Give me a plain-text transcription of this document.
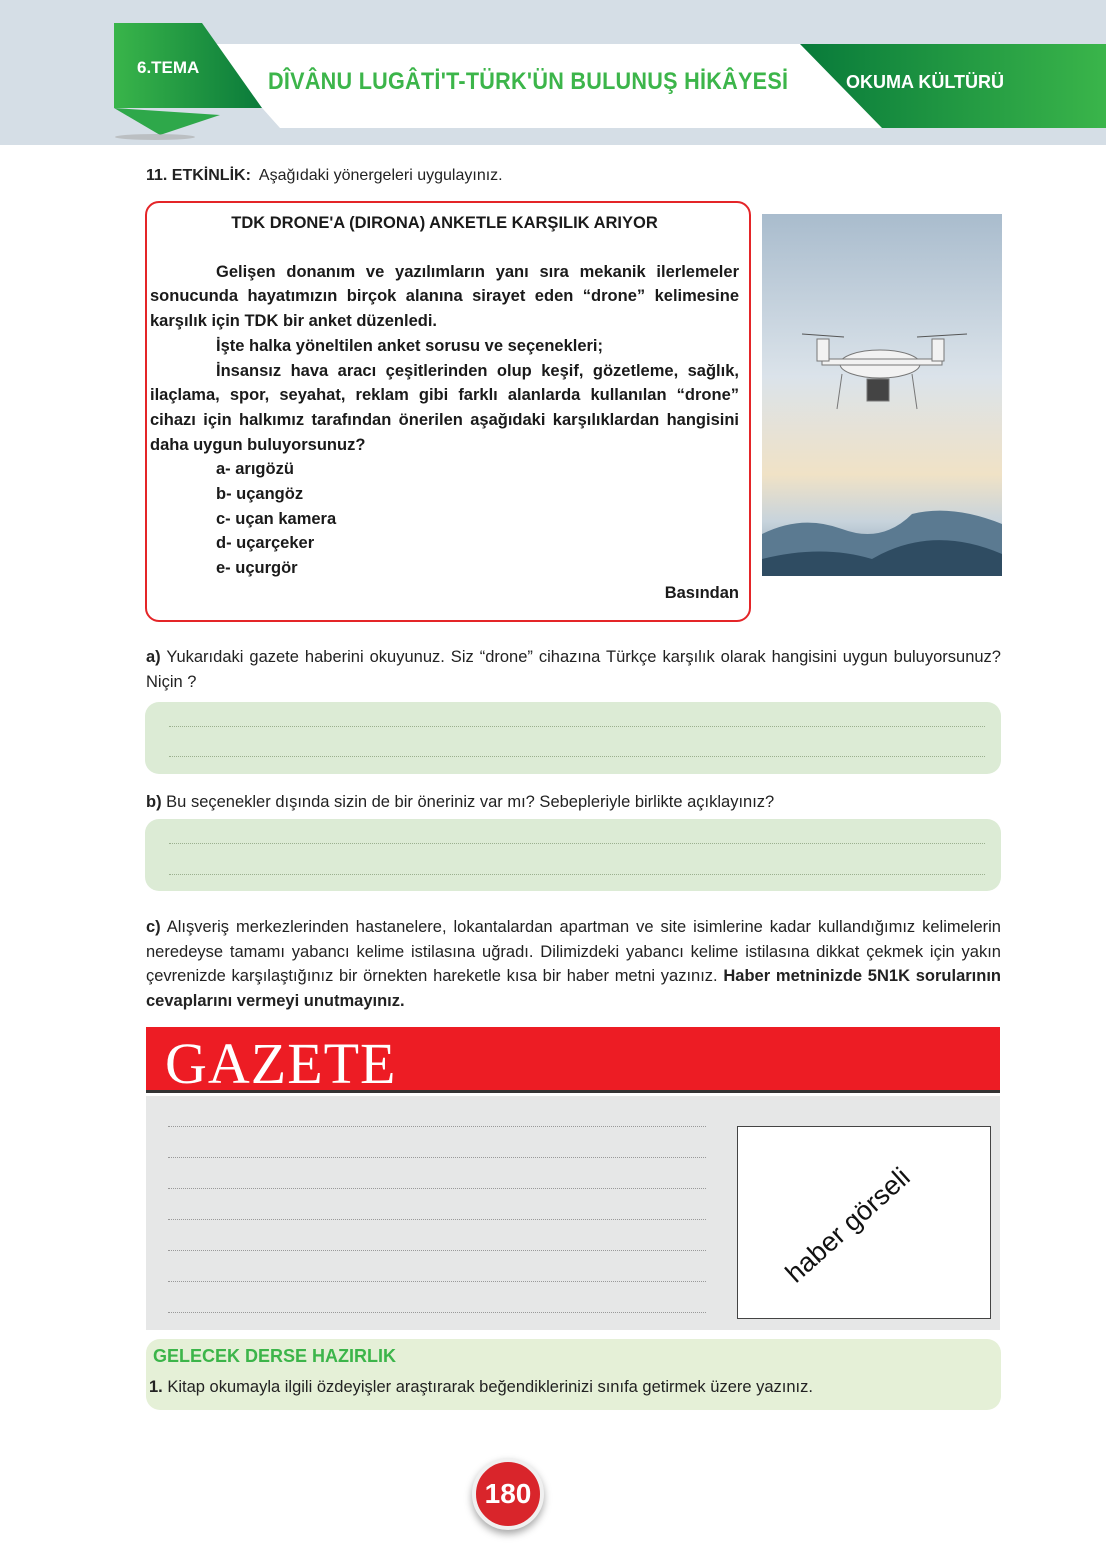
6.TEMA
DÎVÂNU LUGÂTİ'T-TÜRK'ÜN BULUNUŞ HİKÂYESİ	OKUMA KÜLTÜRÜ
11. ETKİNLİK: Aşağıdaki yönergeleri uygulayınız.
TDK DRONE'A (DIRONA) ANKETLE KARŞILIK ARIYOR
Gelişen donanım ve yazılımların yanı sıra mekanik ilerlemeler sonucunda hayatımızın birçok alanına sirayet eden “drone” kelimesine karşılık için TDK bir anket düzenledi.
İşte halka yöneltilen anket sorusu ve seçenekleri;
İnsansız hava aracı çeşitlerinden olup keşif, gözetleme, sağlık, ilaçlama, spor, seyahat, reklam gibi farklı alanlarda kullanılan “drone” cihazı için halkımız tarafından önerilen aşağıdaki karşılıklardan hangisini daha uygun buluyorsunuz?
a- arıgözü
b- uçangöz
c- uçan kamera
d- uçarçeker
e- uçurgör
Basından
a) Yukarıdaki gazete haberini okuyunuz. Siz “drone” cihazına Türkçe karşılık olarak hangisini uygun buluyorsunuz? Niçin ?
b) Bu seçenekler dışında sizin de bir öneriniz var mı? Sebepleriyle birlikte açıklayınız?
c) Alışveriş merkezlerinden hastanelere, lokantalardan apartman ve site isimlerine kadar kullandığımız kelimelerin neredeyse tamamı yabancı kelime istilasına uğradı. Dilimizdeki yabancı kelime istilasına dikkat çekmek için yakın çevrenizde karşılaştığınız bir örnekten hareketle kısa bir haber metni yazınız. Haber metninizde 5N1K sorularının cevaplarını vermeyi unutmayınız.
GAZETE
haber görseli
GELECEK DERSE HAZIRLIK
1. Kitap okumayla ilgili özdeyişler araştırarak beğendiklerinizi sınıfa getirmek üzere yazınız.
180
